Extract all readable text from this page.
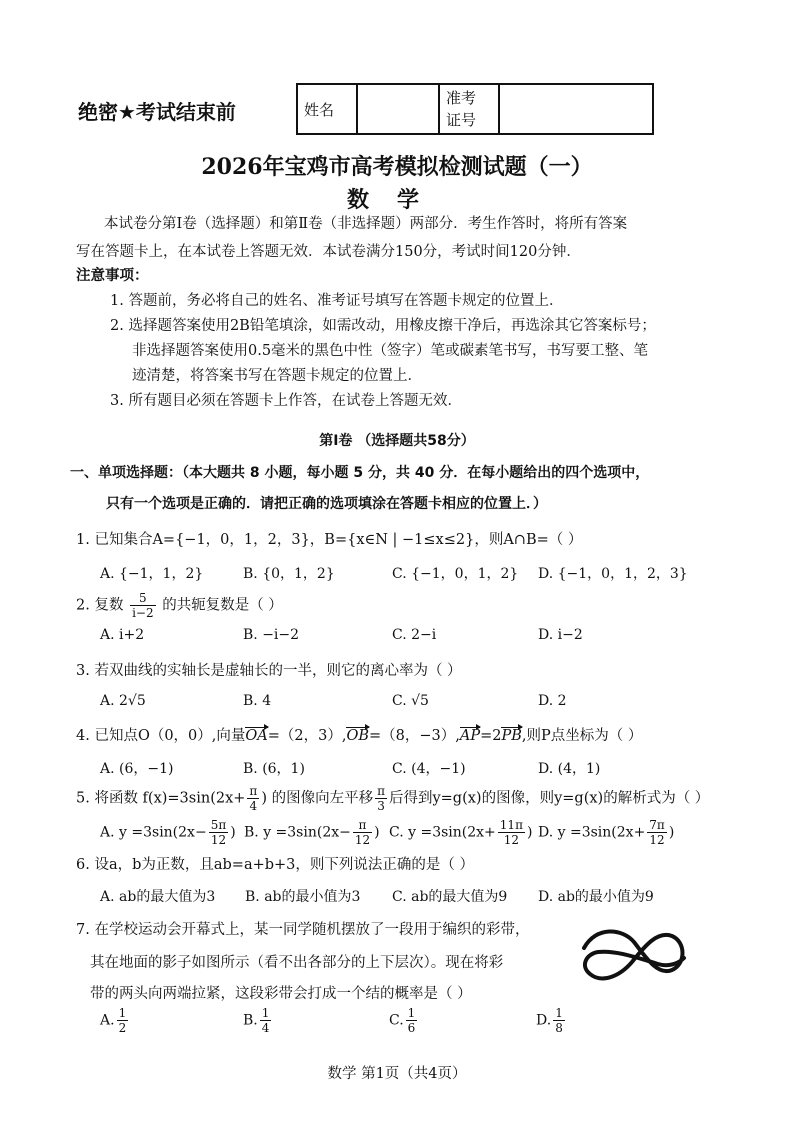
绝密★考试结束前	姓名		准考
证号	
2026年宝鸡市高考模拟检测试题（一）
数学
本试卷分第Ⅰ卷（选择题）和第Ⅱ卷（非选择题）两部分．考生作答时，将所有答案
写在答题卡上，在本试卷上答题无效．本试卷满分150分，考试时间120分钟．
注意事项：
1. 答题前，务必将自己的姓名、准考证号填写在答题卡规定的位置上．
2. 选择题答案使用2B铅笔填涂，如需改动，用橡皮擦干净后，再选涂其它答案标号；
非选择题答案使用0.5毫米的黑色中性（签字）笔或碳素笔书写，书写要工整、笔
迹清楚，将答案书写在答题卡规定的位置上．
3. 所有题目必须在答题卡上作答，在试卷上答题无效．
第Ⅰ卷 （选择题共58分）
一、单项选择题：（本大题共 8 小题，每小题 5 分，共 40 分．在每小题给出的四个选项中，
只有一个选项是正确的．请把正确的选项填涂在答题卡相应的位置上．）
1. 已知集合A={−1，0，1，2，3}，B={x∈N | −1≤x≤2}，则A∩B=（ ）
A. {−1，1，2}	B. {0，1，2}	C. {−1，0，1，2} D. {−1，0，1，2，3}
2. 复数 $\frac{5}{i-2}$ 的共轭复数是（ ）
A. i+2	B. −i−2	C. 2−i	D. i−2
3. 若双曲线的实轴长是虚轴长的一半，则它的离心率为（ ）
A. 2√5	B. 4	C. √5	D. 2
4. 已知点O（0，0）,向量OA=（2，3）,OB=（8，−3）,AP=2PB,则P点坐标为（ ）
A. (6，−1)	B. (6，1)	C. (4，−1)	D. (4，1)
5. 将函数 $f(x)=3\sin(2x+ \frac{\pi}{4}$ ) 的图像向左平移 $\frac{\pi}{3}$ 后得到y=g(x)的图像，则y=g(x)的解析式为（ ）
A. $y =3\sin(2x- \frac{5\pi}{12}$ ) B. $y =3\sin(2x- \frac{\pi}{12}$ ) C. $y =3\sin(2x+ \frac{11\pi}{12}$ ) D. $y =3\sin(2x+ \frac{7\pi}{12}$ )
6. 设a，b为正数，且ab=a+b+3，则下列说法正确的是（ ）
A. ab的最大值为3 B. ab的最小值为3 C. ab的最大值为9 D. ab的最小值为9
7. 在学校运动会开幕式上，某一同学随机摆放了一段用于编织的彩带，
其在地面的影子如图所示（看不出各部分的上下层次）。现在将彩
带的两头向两端拉紧，这段彩带会打成一个结的概率是（ ）
A. $\frac{1}{2}$	B. $\frac{1}{4}$	C. $\frac{1}{6}$	D. $\frac{1}{8}$
数学 第1页（共4页）
